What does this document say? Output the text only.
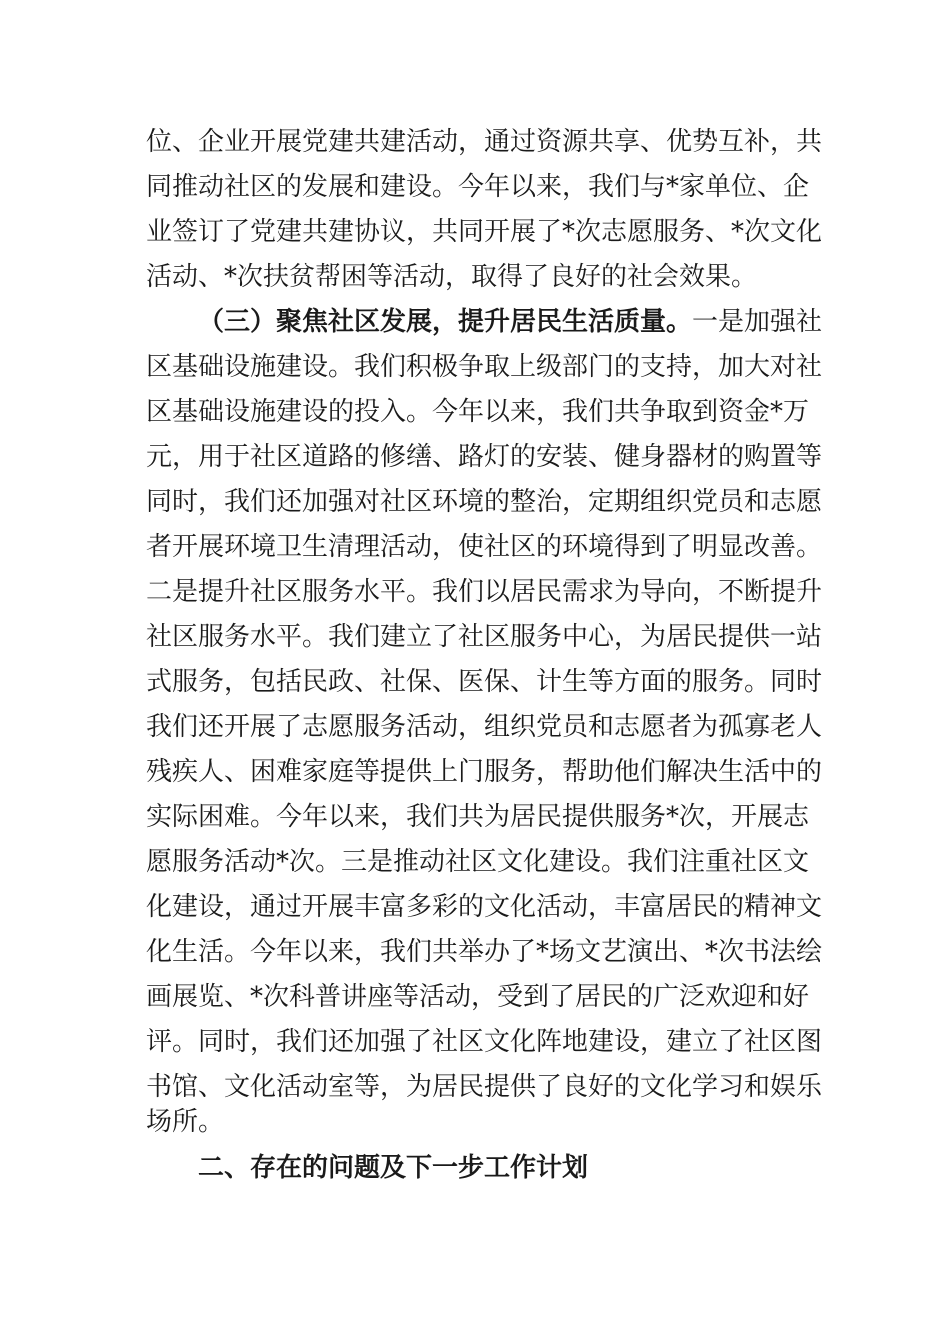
位、企业开展党建共建活动，通过资源共享、优势互补，共
同推动社区的发展和建设。今年以来，我们与*家单位、企
业签订了党建共建协议，共同开展了*次志愿服务、*次文化
活动、*次扶贫帮困等活动，取得了良好的社会效果。
（三）聚焦社区发展，提升居民生活质量。一是加强社
区基础设施建设。我们积极争取上级部门的支持，加大对社
区基础设施建设的投入。今年以来，我们共争取到资金*万
元，用于社区道路的修缮、路灯的安装、健身器材的购置等
同时，我们还加强对社区环境的整治，定期组织党员和志愿
者开展环境卫生清理活动，使社区的环境得到了明显改善。
二是提升社区服务水平。我们以居民需求为导向，不断提升
社区服务水平。我们建立了社区服务中心，为居民提供一站
式服务，包括民政、社保、医保、计生等方面的服务。同时
我们还开展了志愿服务活动，组织党员和志愿者为孤寡老人
残疾人、困难家庭等提供上门服务，帮助他们解决生活中的
实际困难。今年以来，我们共为居民提供服务*次，开展志
愿服务活动*次。三是推动社区文化建设。我们注重社区文
化建设，通过开展丰富多彩的文化活动，丰富居民的精神文
化生活。今年以来，我们共举办了*场文艺演出、*次书法绘
画展览、*次科普讲座等活动，受到了居民的广泛欢迎和好
评。同时，我们还加强了社区文化阵地建设，建立了社区图
书馆、文化活动室等，为居民提供了良好的文化学习和娱乐
场所。
二、存在的问题及下一步工作计划
